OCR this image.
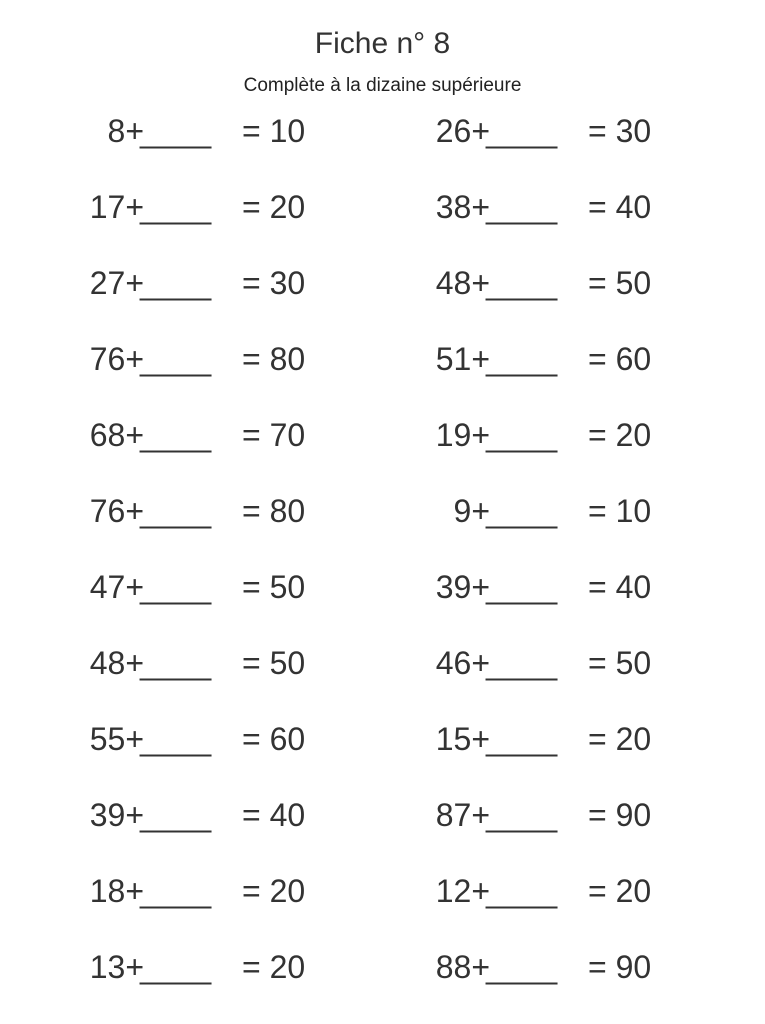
Fiche n° 8
Complète à la dizaine supérieure
8+
____ = 10
17+
____ = 20
27+
____ = 30
76+
____ = 80
68+
____ = 70
76+
____ = 80
47+
____ = 50
48+
____ = 50
55+
____ = 60
39+
____ = 40
18+
____ = 20
13+
____ = 20
26+
____ = 30
38+
____ = 40
48+
____ = 50
51+
____ = 60
19+
____ = 20
9+
____ = 10
39+
____ = 40
46+
____ = 50
15+
____ = 20
87+
____ = 90
12+
____ = 20
88+
____ = 90
